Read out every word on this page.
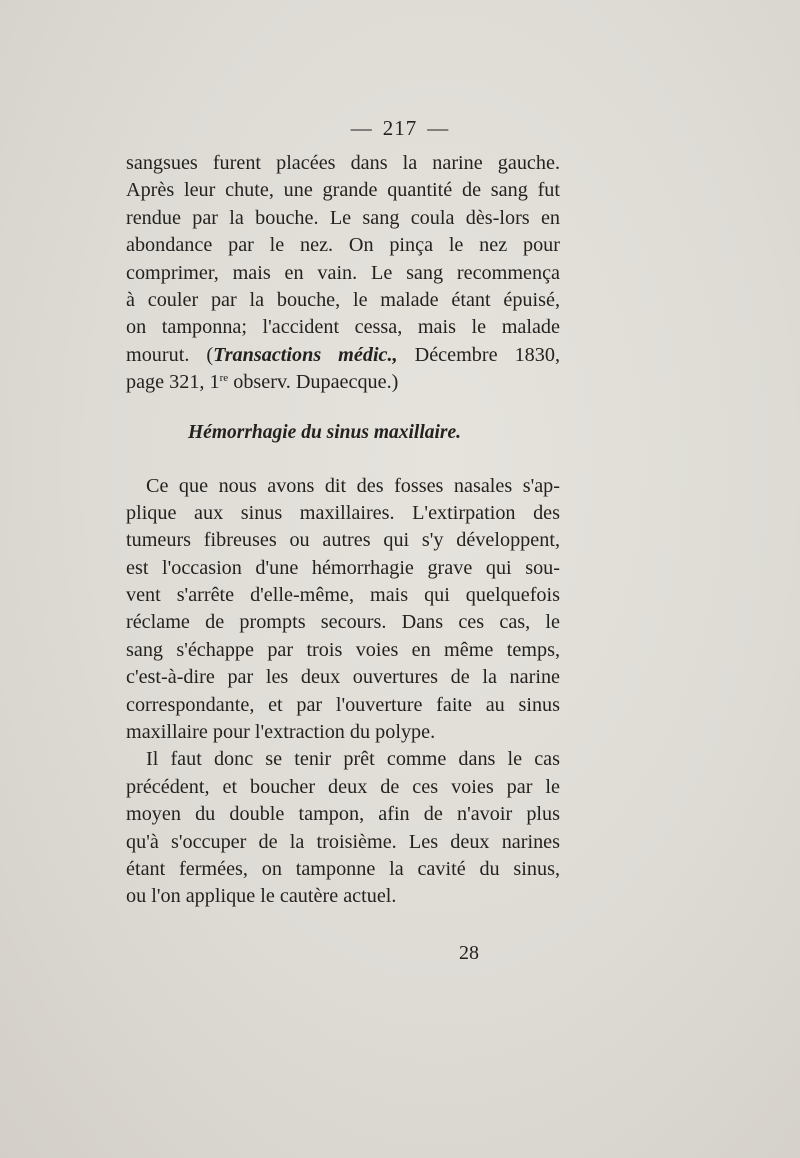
— 217 —
sangsues furent placées dans la narine gauche.
Après leur chute, une grande quantité de sang fut
rendue par la bouche. Le sang coula dès-lors en
abondance par le nez. On pinça le nez pour
comprimer, mais en vain. Le sang recommença
à couler par la bouche, le malade étant épuisé,
on tamponna; l'accident cessa, mais le malade
mourut. (Transactions médic., Décembre 1830,
page 321, 1re observ. Dupaecque.)
Hémorrhagie du sinus maxillaire.
Ce que nous avons dit des fosses nasales s'ap-
plique aux sinus maxillaires. L'extirpation des
tumeurs fibreuses ou autres qui s'y développent,
est l'occasion d'une hémorrhagie grave qui sou-
vent s'arrête d'elle-même, mais qui quelquefois
réclame de prompts secours. Dans ces cas, le
sang s'échappe par trois voies en même temps,
c'est-à-dire par les deux ouvertures de la narine
correspondante, et par l'ouverture faite au sinus
maxillaire pour l'extraction du polype.
Il faut donc se tenir prêt comme dans le cas
précédent, et boucher deux de ces voies par le
moyen du double tampon, afin de n'avoir plus
qu'à s'occuper de la troisième. Les deux narines
étant fermées, on tamponne la cavité du sinus,
ou l'on applique le cautère actuel.
28
